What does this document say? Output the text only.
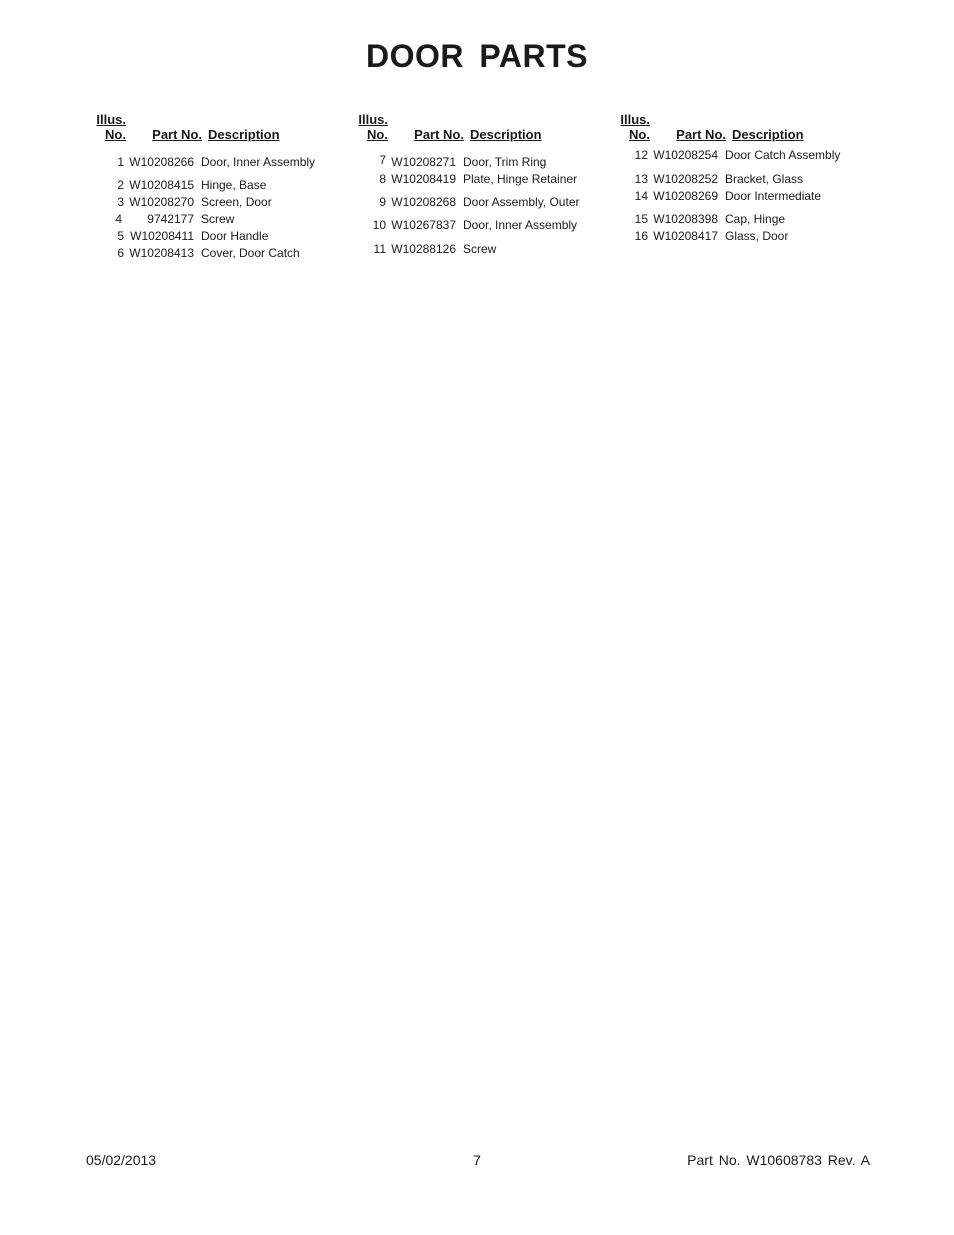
DOOR PARTS
Illus.
No.	Part No. Description
1 W10208266 Door, Inner Assembly
2 W10208415 Hinge, Base
3 W10208270 Screen, Door
4	9742177 Screw
5 W10208411 Door Handle
6 W10208413 Cover, Door Catch
Illus.
No.	Part No. Description
7 W10208271 Door, Trim Ring
8 W10208419 Plate, Hinge Retainer
9 W10208268 Door Assembly, Outer
10 W10267837 Door, Inner Assembly
11 W10288126 Screw
Illus.
No.	Part No. Description
12 W10208254 Door Catch Assembly
13 W10208252 Bracket, Glass
14 W10208269 Door Intermediate
15 W10208398 Cap, Hinge
16 W10208417 Glass, Door
05/02/2013	7	Part No. W10608783 Rev. A
